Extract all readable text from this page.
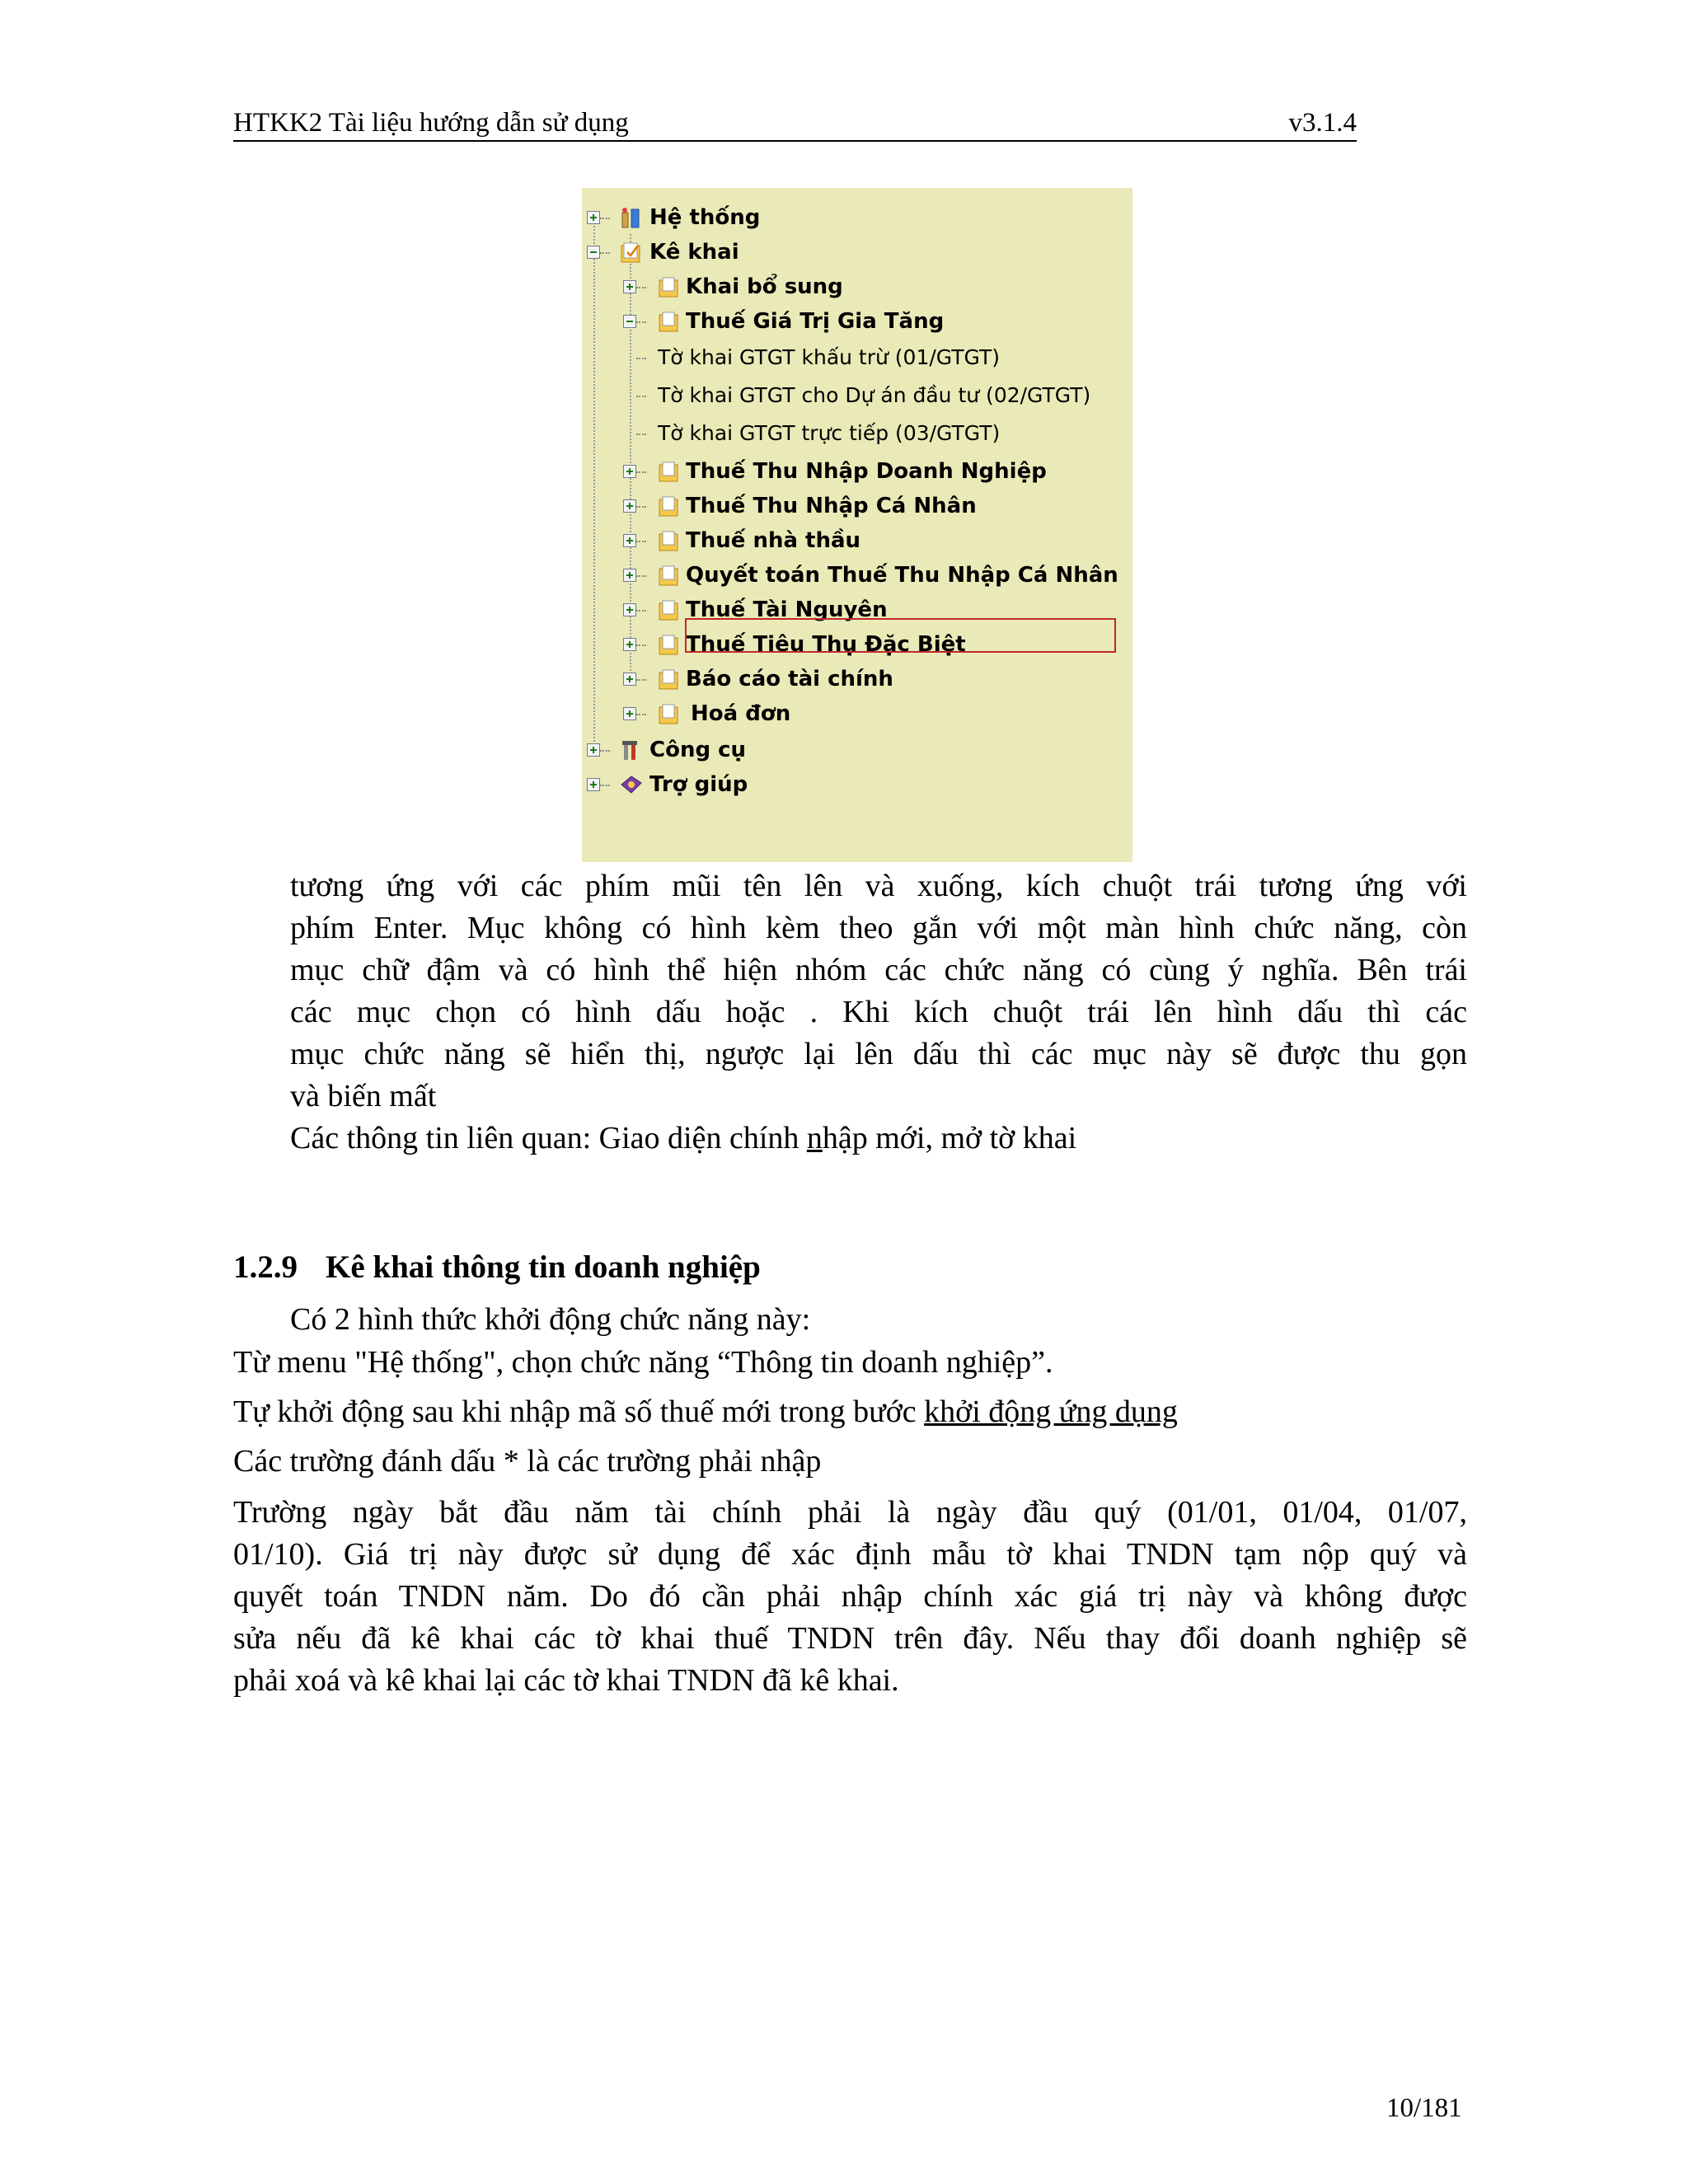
HTKK2 Tài liệu hướng dẫn sử dụng	v3.1.4
Hệ thống
Kê khai
Khai bổ sung
Thuế Giá Trị Gia Tăng
Tờ khai GTGT khấu trừ (01/GTGT)
Tờ khai GTGT cho Dự án đầu tư (02/GTGT)
Tờ khai GTGT trực tiếp (03/GTGT)
Thuế Thu Nhập Doanh Nghiệp
Thuế Thu Nhập Cá Nhân
Thuế nhà thầu
Quyết toán Thuế Thu Nhập Cá Nhân
Thuế Tài Nguyên
Thuế Tiêu Thụ Đặc Biệt
Báo cáo tài chính
Hoá đơn
Công cụ
Trợ giúp
tương ứng với các phím mũi tên lên và xuống, kích chuột trái tương ứng với
phím Enter. Mục không có hình kèm theo gắn với một màn hình chức năng, còn
mục chữ đậm và có hình thể hiện nhóm các chức năng có cùng ý nghĩa. Bên trái
các mục chọn có hình dấu hoặc . Khi kích chuột trái lên hình dấu thì các
mục chức năng sẽ hiển thị, ngược lại lên dấu thì các mục này sẽ được thu gọn
và biến mất
Các thông tin liên quan: Giao diện chính nhập mới, mở tờ khai
1.2.9 Kê khai thông tin doanh nghiệp
Có 2 hình thức khởi động chức năng này:
Từ menu "Hệ thống", chọn chức năng “Thông tin doanh nghiệp”.
Tự khởi động sau khi nhập mã số thuế mới trong bước khởi động ứng dụng
Các trường đánh dấu * là các trường phải nhập
Trường ngày bắt đầu năm tài chính phải là ngày đầu quý (01/01, 01/04, 01/07,
01/10). Giá trị này được sử dụng để xác định mẫu tờ khai TNDN tạm nộp quý và
quyết toán TNDN năm. Do đó cần phải nhập chính xác giá trị này và không được
sửa nếu đã kê khai các tờ khai thuế TNDN trên đây. Nếu thay đổi doanh nghiệp sẽ
phải xoá và kê khai lại các tờ khai TNDN đã kê khai.
10/181
